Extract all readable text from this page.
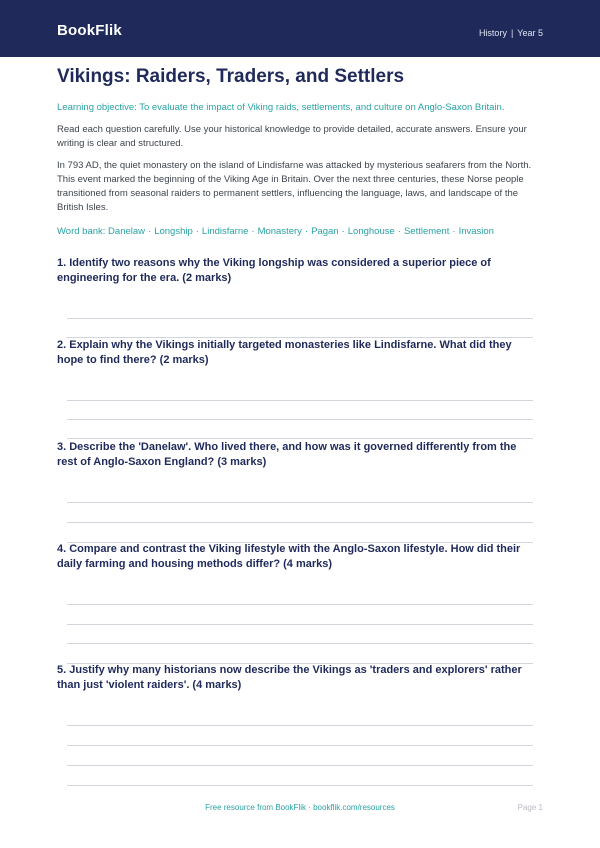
BookFlik	History | Year 5
Vikings: Raiders, Traders, and Settlers

Learning objective: To evaluate the impact of Viking raids, settlements, and culture on Anglo-Saxon Britain.

Read each question carefully. Use your historical knowledge to provide detailed, accurate answers. Ensure your writing is clear and structured.

In 793 AD, the quiet monastery on the island of Lindisfarne was attacked by mysterious seafarers from the North. This event marked the beginning of the Viking Age in Britain. Over the next three centuries, these Norse people transitioned from seasonal raiders to permanent settlers, influencing the language, laws, and landscape of the British Isles.

Word bank: Danelaw · Longship · Lindisfarne · Monastery · Pagan · Longhouse · Settlement · Invasion

1. Identify two reasons why the Viking longship was considered a superior piece of engineering for the era. (2 marks)

2. Explain why the Vikings initially targeted monasteries like Lindisfarne. What did they hope to find there? (2 marks)

3. Describe the 'Danelaw'. Who lived there, and how was it governed differently from the rest of Anglo-Saxon England? (3 marks)

4. Compare and contrast the Viking lifestyle with the Anglo-Saxon lifestyle. How did their daily farming and housing methods differ? (4 marks)

5. Justify why many historians now describe the Vikings as 'traders and explorers' rather than just 'violent raiders'. (4 marks)

Free resource from BookFlik · bookflik.com/resources	Page 1
